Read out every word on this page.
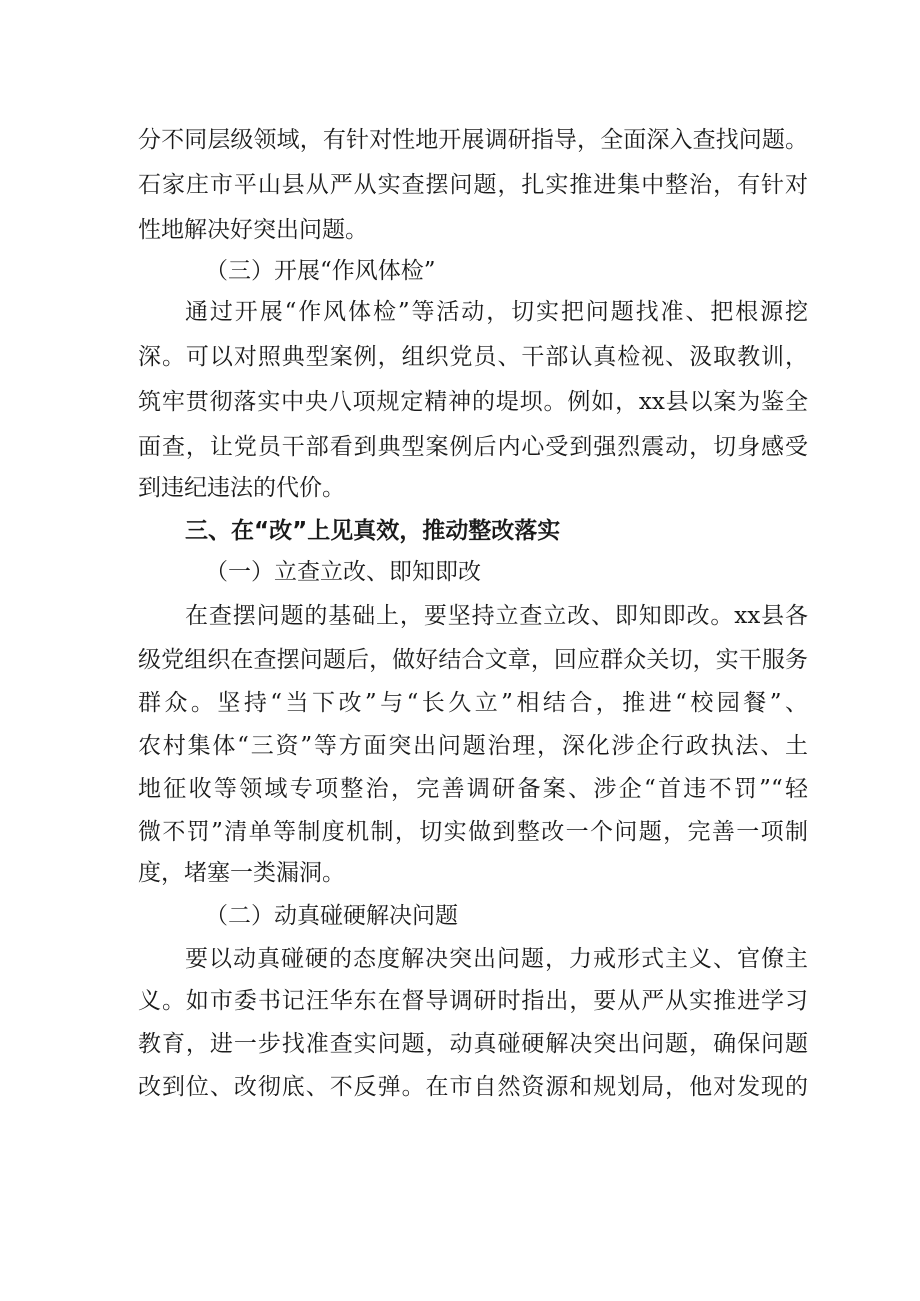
分不同层级领域，有针对性地开展调研指导，全面深入查找问题。
石家庄市平山县从严从实查摆问题，扎实推进集中整治，有针对
性地解决好突出问题。
（三）开展“作风体检”
通过开展“作风体检”等活动，切实把问题找准、把根源挖
深。可以对照典型案例，组织党员、干部认真检视、汲取教训，
筑牢贯彻落实中央八项规定精神的堤坝。例如，xx县以案为鉴全
面查，让党员干部看到典型案例后内心受到强烈震动，切身感受
到违纪违法的代价。
三、在“改”上见真效，推动整改落实
（一）立查立改、即知即改
在查摆问题的基础上，要坚持立查立改、即知即改。xx县各
级党组织在查摆问题后，做好结合文章，回应群众关切，实干服务
群众。坚持“当下改”与“长久立”相结合，推进“校园餐”、
农村集体“三资”等方面突出问题治理，深化涉企行政执法、土
地征收等领域专项整治，完善调研备案、涉企“首违不罚”“轻
微不罚”清单等制度机制，切实做到整改一个问题，完善一项制
度，堵塞一类漏洞。
（二）动真碰硬解决问题
要以动真碰硬的态度解决突出问题，力戒形式主义、官僚主
义。如市委书记汪华东在督导调研时指出，要从严从实推进学习
教育，进一步找准查实问题，动真碰硬解决突出问题，确保问题
改到位、改彻底、不反弹。在市自然资源和规划局，他对发现的
